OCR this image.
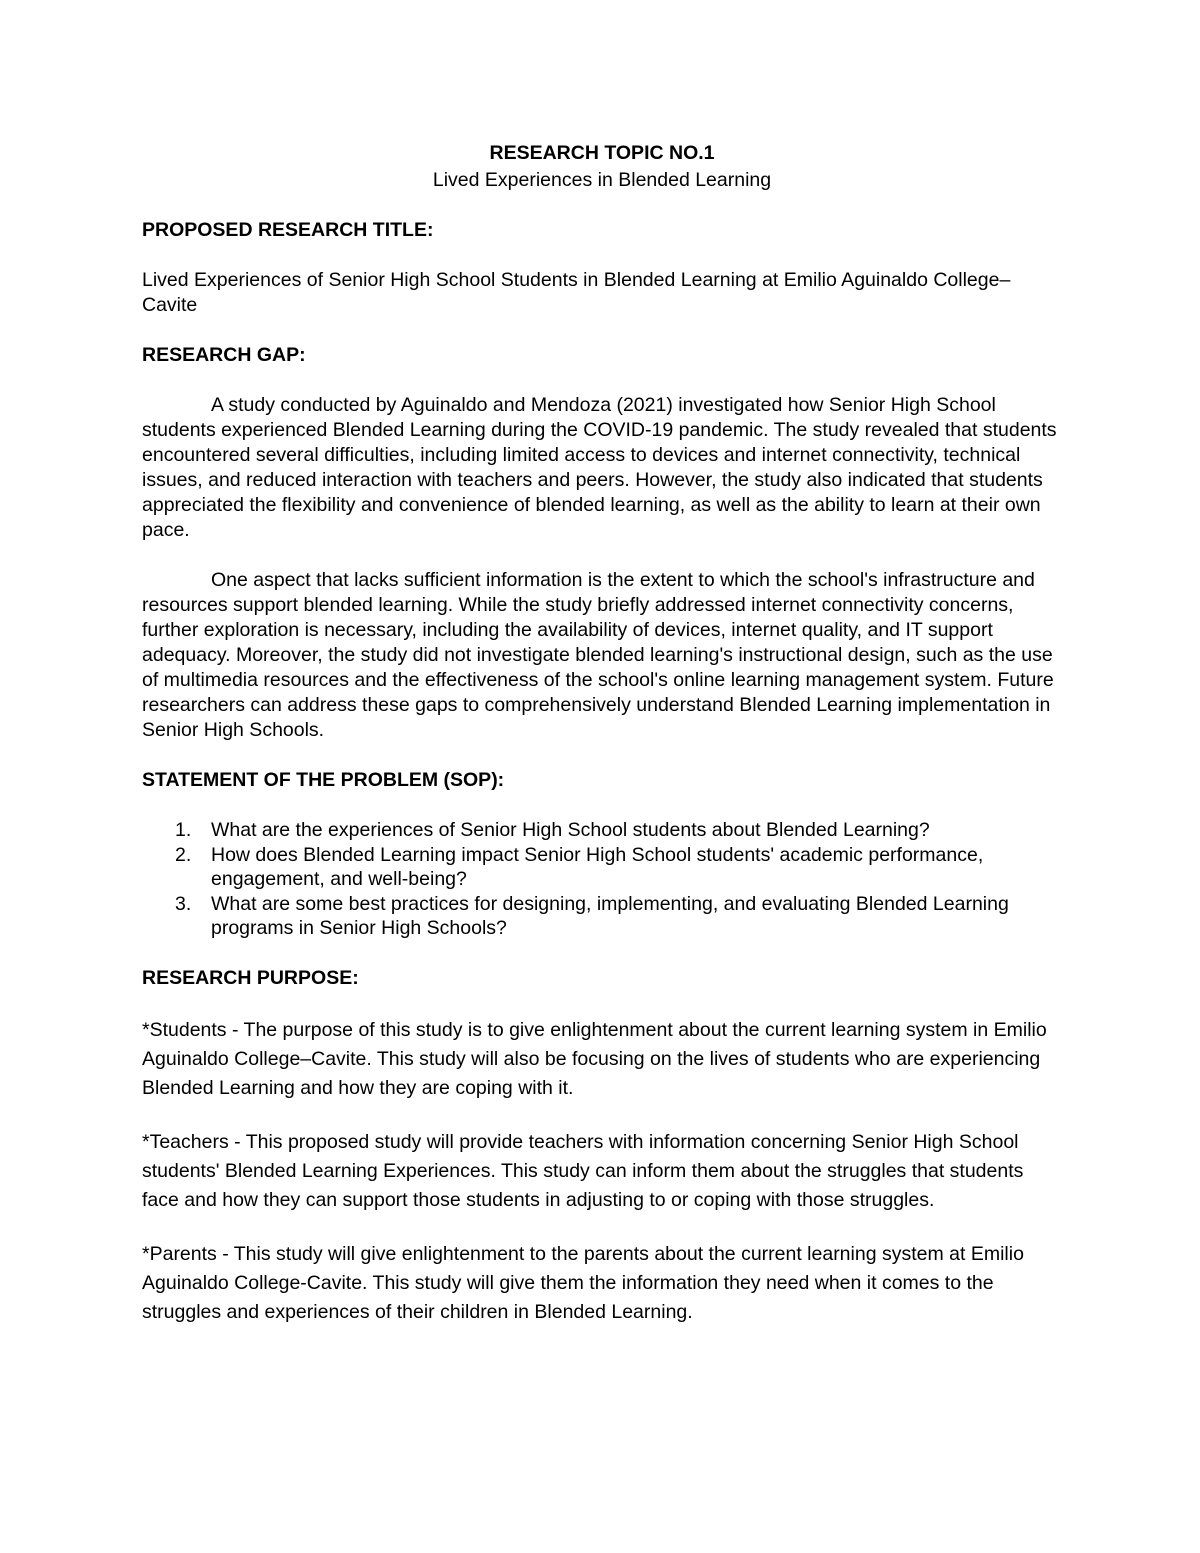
RESEARCH TOPIC NO.1

Lived Experiences in Blended Learning

PROPOSED RESEARCH TITLE:

Lived Experiences of Senior High School Students in Blended Learning at Emilio Aguinaldo College–Cavite

RESEARCH GAP:

A study conducted by Aguinaldo and Mendoza (2021) investigated how Senior High School students experienced Blended Learning during the COVID-19 pandemic. The study revealed that students encountered several difficulties, including limited access to devices and internet connectivity, technical issues, and reduced interaction with teachers and peers. However, the study also indicated that students appreciated the flexibility and convenience of blended learning, as well as the ability to learn at their own pace.

One aspect that lacks sufficient information is the extent to which the school's infrastructure and resources support blended learning. While the study briefly addressed internet connectivity concerns, further exploration is necessary, including the availability of devices, internet quality, and IT support adequacy. Moreover, the study did not investigate blended learning's instructional design, such as the use of multimedia resources and the effectiveness of the school's online learning management system. Future researchers can address these gaps to comprehensively understand Blended Learning implementation in Senior High Schools.

STATEMENT OF THE PROBLEM (SOP):

1. What are the experiences of Senior High School students about Blended Learning?
2. How does Blended Learning impact Senior High School students' academic performance, engagement, and well-being?
3. What are some best practices for designing, implementing, and evaluating Blended Learning programs in Senior High Schools?

RESEARCH PURPOSE:

*Students - The purpose of this study is to give enlightenment about the current learning system in Emilio Aguinaldo College–Cavite. This study will also be focusing on the lives of students who are experiencing Blended Learning and how they are coping with it.

*Teachers - This proposed study will provide teachers with information concerning Senior High School students' Blended Learning Experiences. This study can inform them about the struggles that students face and how they can support those students in adjusting to or coping with those struggles.

*Parents - This study will give enlightenment to the parents about the current learning system at Emilio Aguinaldo College-Cavite. This study will give them the information they need when it comes to the struggles and experiences of their children in Blended Learning.
